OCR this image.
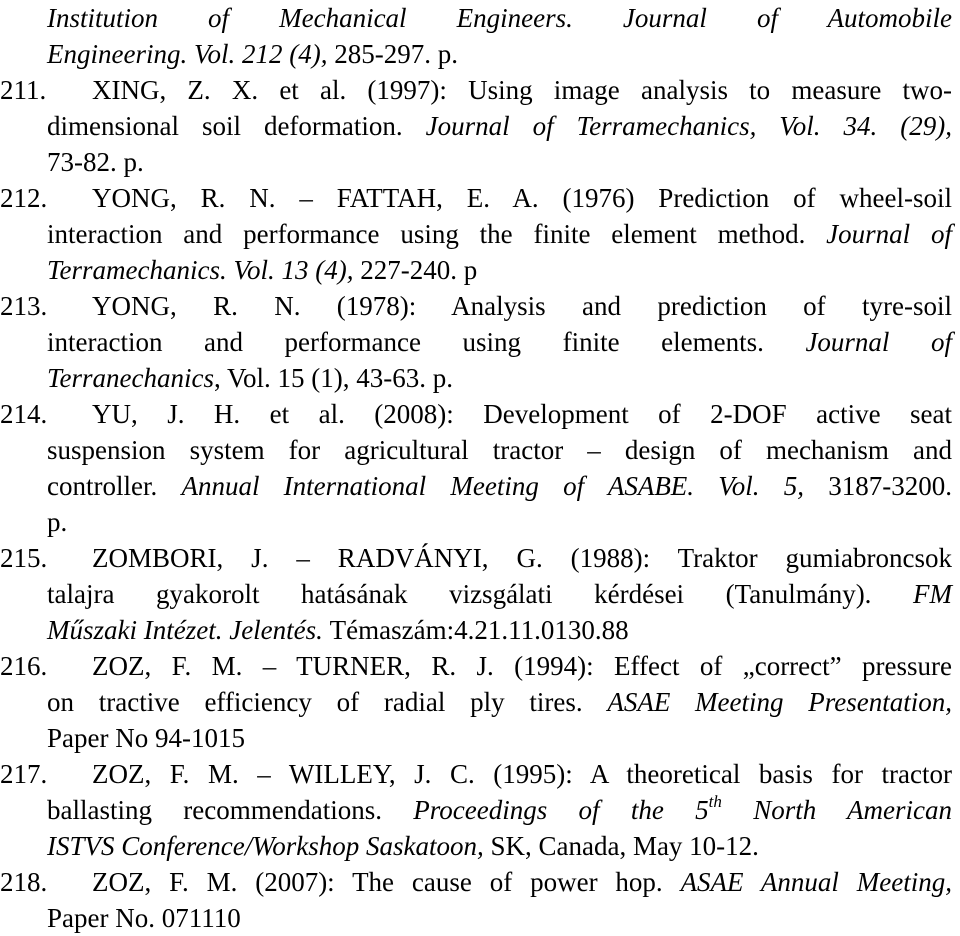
Institution of Mechanical Engineers. Journal of Automobile
Engineering. Vol. 212 (4), 285-297. p.
211.	XING, Z. X. et al. (1997): Using image analysis to measure two-
dimensional soil deformation. Journal of Terramechanics, Vol. 34. (29),
73-82. p.
212.	YONG, R. N. – FATTAH, E. A. (1976) Prediction of wheel-soil
interaction and performance using the finite element method. Journal of
Terramechanics. Vol. 13 (4), 227-240. p
213.	YONG, R. N. (1978): Analysis and prediction of tyre-soil
interaction and performance using finite elements. Journal of
Terranechanics, Vol. 15 (1), 43-63. p.
214.	YU, J. H. et al. (2008): Development of 2-DOF active seat
suspension system for agricultural tractor – design of mechanism and
controller. Annual International Meeting of ASABE. Vol. 5, 3187-3200.
p.
215.	ZOMBORI, J. – RADVÁNYI, G. (1988): Traktor gumiabroncsok
talajra gyakorolt hatásának vizsgálati kérdései (Tanulmány). FM
Műszaki Intézet. Jelentés. Témaszám:4.21.11.0130.88
216.	ZOZ, F. M. – TURNER, R. J. (1994): Effect of „correct” pressure
on tractive efficiency of radial ply tires. ASAE Meeting Presentation,
Paper No 94-1015
217.	ZOZ, F. M. – WILLEY, J. C. (1995): A theoretical basis for tractor
ballasting recommendations. Proceedings of the 5th North American
ISTVS Conference/Workshop Saskatoon, SK, Canada, May 10-12.
218.	ZOZ, F. M. (2007): The cause of power hop. ASAE Annual Meeting,
Paper No. 071110
